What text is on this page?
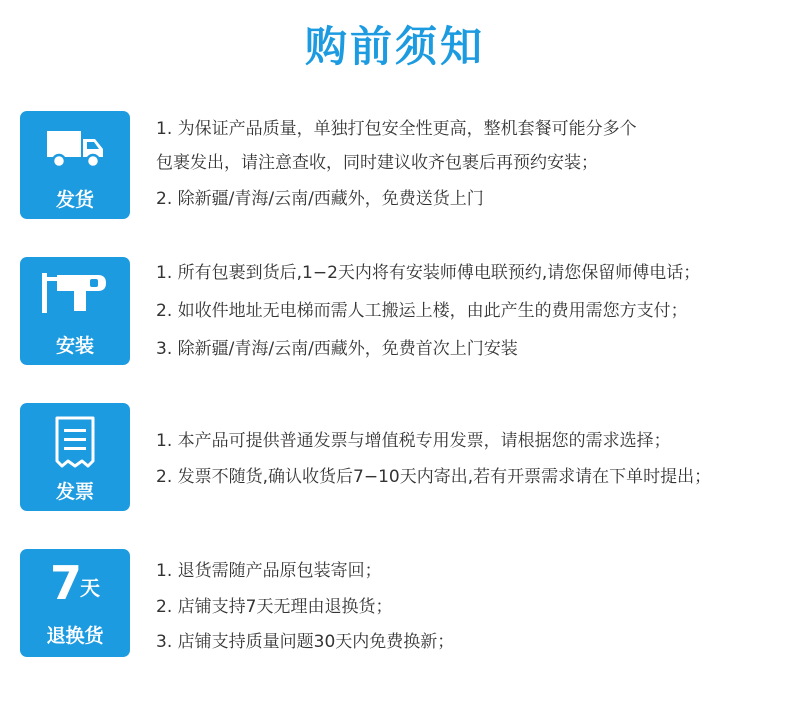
购前须知
发货
1. 为保证产品质量，单独打包安全性更高，整机套餐可能分多个
包裹发出，请注意查收，同时建议收齐包裹后再预约安装；
2. 除新疆/青海/云南/西藏外，免费送货上门
安装
1. 所有包裹到货后,1−2天内将有安装师傅电联预约,请您保留师傅电话；
2. 如收件地址无电梯而需人工搬运上楼，由此产生的费用需您方支付；
3. 除新疆/青海/云南/西藏外，免费首次上门安装
发票
1. 本产品可提供普通发票与增值税专用发票，请根据您的需求选择；
2. 发票不随货,确认收货后7−10天内寄出,若有开票需求请在下单时提出；
7
天
退换货
1. 退货需随产品原包装寄回；
2. 店铺支持7天无理由退换货；
3. 店铺支持质量问题30天内免费换新；
